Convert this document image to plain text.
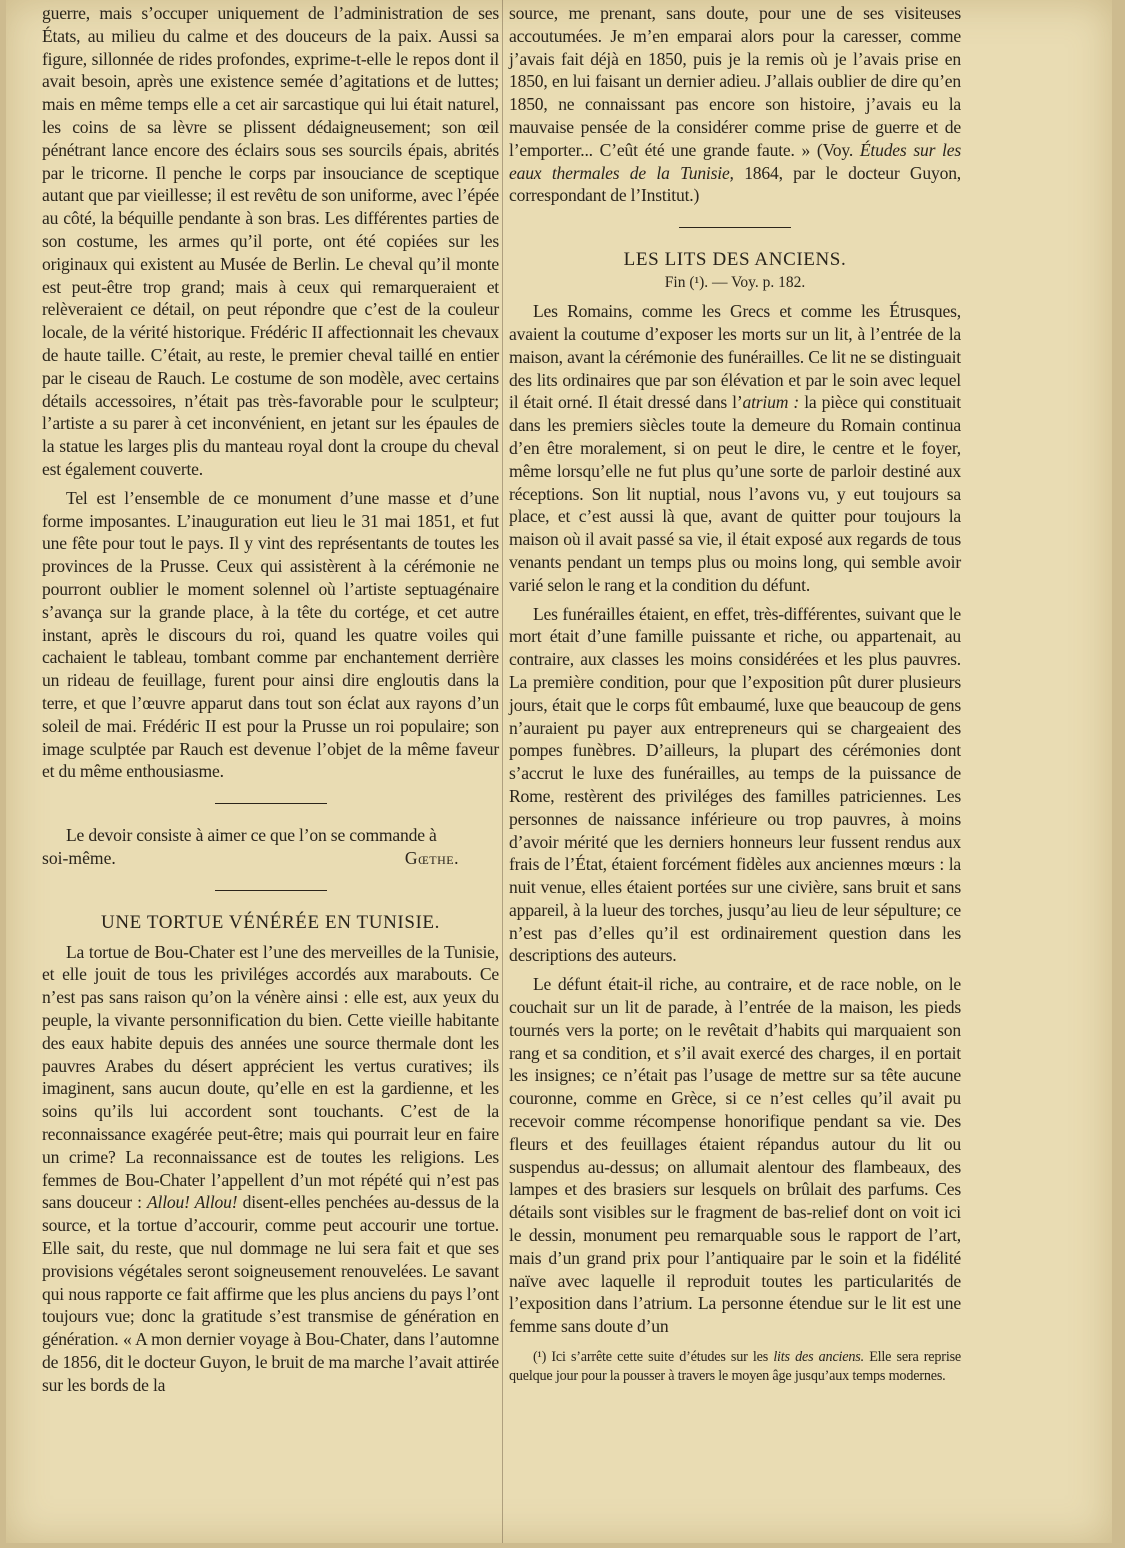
guerre, mais s’occuper uniquement de l’administration de ses États, au milieu du calme et des douceurs de la paix. Aussi sa figure, sillonnée de rides profondes, exprime-t-elle le repos dont il avait besoin, après une existence semée d’agitations et de luttes; mais en même temps elle a cet air sarcastique qui lui était naturel, les coins de sa lèvre se plissent dédaigneusement; son œil pénétrant lance encore des éclairs sous ses sourcils épais, abrités par le tricorne. Il penche le corps par insouciance de sceptique autant que par vieillesse; il est revêtu de son uniforme, avec l’épée au côté, la béquille pendante à son bras. Les différentes parties de son costume, les armes qu’il porte, ont été copiées sur les originaux qui existent au Musée de Berlin. Le cheval qu’il monte est peut-être trop grand; mais à ceux qui remarqueraient et relèveraient ce détail, on peut répondre que c’est de la couleur locale, de la vérité historique. Frédéric II affectionnait les chevaux de haute taille. C’était, au reste, le premier cheval taillé en entier par le ciseau de Rauch. Le costume de son modèle, avec certains détails accessoires, n’était pas très-favorable pour le sculpteur; l’artiste a su parer à cet inconvénient, en jetant sur les épaules de la statue les larges plis du manteau royal dont la croupe du cheval est également couverte.

Tel est l’ensemble de ce monument d’une masse et d’une forme imposantes. L’inauguration eut lieu le 31 mai 1851, et fut une fête pour tout le pays. Il y vint des représentants de toutes les provinces de la Prusse. Ceux qui assistèrent à la cérémonie ne pourront oublier le moment solennel où l’artiste septuagénaire s’avança sur la grande place, à la tête du cortége, et cet autre instant, après le discours du roi, quand les quatre voiles qui cachaient le tableau, tombant comme par enchantement derrière un rideau de feuillage, furent pour ainsi dire engloutis dans la terre, et que l’œuvre apparut dans tout son éclat aux rayons d’un soleil de mai. Frédéric II est pour la Prusse un roi populaire; son image sculptée par Rauch est devenue l’objet de la même faveur et du même enthousiasme.

Le devoir consiste à aimer ce que l’on se commande à

soi-même.	Gœthe.
UNE TORTUE VÉNÉRÉE EN TUNISIE.

La tortue de Bou-Chater est l’une des merveilles de la Tunisie, et elle jouit de tous les priviléges accordés aux marabouts. Ce n’est pas sans raison qu’on la vénère ainsi : elle est, aux yeux du peuple, la vivante personnification du bien. Cette vieille habitante des eaux habite depuis des années une source thermale dont les pauvres Arabes du désert apprécient les vertus curatives; ils imaginent, sans aucun doute, qu’elle en est la gardienne, et les soins qu’ils lui accordent sont touchants. C’est de la reconnaissance exagérée peut-être; mais qui pourrait leur en faire un crime? La reconnaissance est de toutes les religions. Les femmes de Bou-Chater l’appellent d’un mot répété qui n’est pas sans douceur : Allou! Allou! disent-elles penchées au-dessus de la source, et la tortue d’accourir, comme peut accourir une tortue. Elle sait, du reste, que nul dommage ne lui sera fait et que ses provisions végétales seront soigneusement renouvelées. Le savant qui nous rapporte ce fait affirme que les plus anciens du pays l’ont toujours vue; donc la gratitude s’est transmise de génération en génération. « A mon dernier voyage à Bou-Chater, dans l’automne de 1856, dit le docteur Guyon, le bruit de ma marche l’avait attirée sur les bords de la

source, me prenant, sans doute, pour une de ses visiteuses accoutumées. Je m’en emparai alors pour la caresser, comme j’avais fait déjà en 1850, puis je la remis où je l’avais prise en 1850, en lui faisant un dernier adieu. J’allais oublier de dire qu’en 1850, ne connaissant pas encore son histoire, j’avais eu la mauvaise pensée de la considérer comme prise de guerre et de l’emporter... C’eût été une grande faute. » (Voy. Études sur les eaux thermales de la Tunisie, 1864, par le docteur Guyon, correspondant de l’Institut.)

LES LITS DES ANCIENS.
Fin (¹). — Voy. p. 182.

Les Romains, comme les Grecs et comme les Étrusques, avaient la coutume d’exposer les morts sur un lit, à l’entrée de la maison, avant la cérémonie des funérailles. Ce lit ne se distinguait des lits ordinaires que par son élévation et par le soin avec lequel il était orné. Il était dressé dans l’atrium : la pièce qui constituait dans les premiers siècles toute la demeure du Romain continua d’en être moralement, si on peut le dire, le centre et le foyer, même lorsqu’elle ne fut plus qu’une sorte de parloir destiné aux réceptions. Son lit nuptial, nous l’avons vu, y eut toujours sa place, et c’est aussi là que, avant de quitter pour toujours la maison où il avait passé sa vie, il était exposé aux regards de tous venants pendant un temps plus ou moins long, qui semble avoir varié selon le rang et la condition du défunt.

Les funérailles étaient, en effet, très-différentes, suivant que le mort était d’une famille puissante et riche, ou appartenait, au contraire, aux classes les moins considérées et les plus pauvres. La première condition, pour que l’exposition pût durer plusieurs jours, était que le corps fût embaumé, luxe que beaucoup de gens n’auraient pu payer aux entrepreneurs qui se chargeaient des pompes funèbres. D’ailleurs, la plupart des cérémonies dont s’accrut le luxe des funérailles, au temps de la puissance de Rome, restèrent des priviléges des familles patriciennes. Les personnes de naissance inférieure ou trop pauvres, à moins d’avoir mérité que les derniers honneurs leur fussent rendus aux frais de l’État, étaient forcément fidèles aux anciennes mœurs : la nuit venue, elles étaient portées sur une civière, sans bruit et sans appareil, à la lueur des torches, jusqu’au lieu de leur sépulture; ce n’est pas d’elles qu’il est ordinairement question dans les descriptions des auteurs.

Le défunt était-il riche, au contraire, et de race noble, on le couchait sur un lit de parade, à l’entrée de la maison, les pieds tournés vers la porte; on le revêtait d’habits qui marquaient son rang et sa condition, et s’il avait exercé des charges, il en portait les insignes; ce n’était pas l’usage de mettre sur sa tête aucune couronne, comme en Grèce, si ce n’est celles qu’il avait pu recevoir comme récompense honorifique pendant sa vie. Des fleurs et des feuillages étaient répandus autour du lit ou suspendus au-dessus; on allumait alentour des flambeaux, des lampes et des brasiers sur lesquels on brûlait des parfums. Ces détails sont visibles sur le fragment de bas-relief dont on voit ici le dessin, monument peu remarquable sous le rapport de l’art, mais d’un grand prix pour l’antiquaire par le soin et la fidélité naïve avec laquelle il reproduit toutes les particularités de l’exposition dans l’atrium. La personne étendue sur le lit est une femme sans doute d’un

(¹) Ici s’arrête cette suite d’études sur les lits des anciens. Elle sera reprise quelque jour pour la pousser à travers le moyen âge jusqu’aux temps modernes.
